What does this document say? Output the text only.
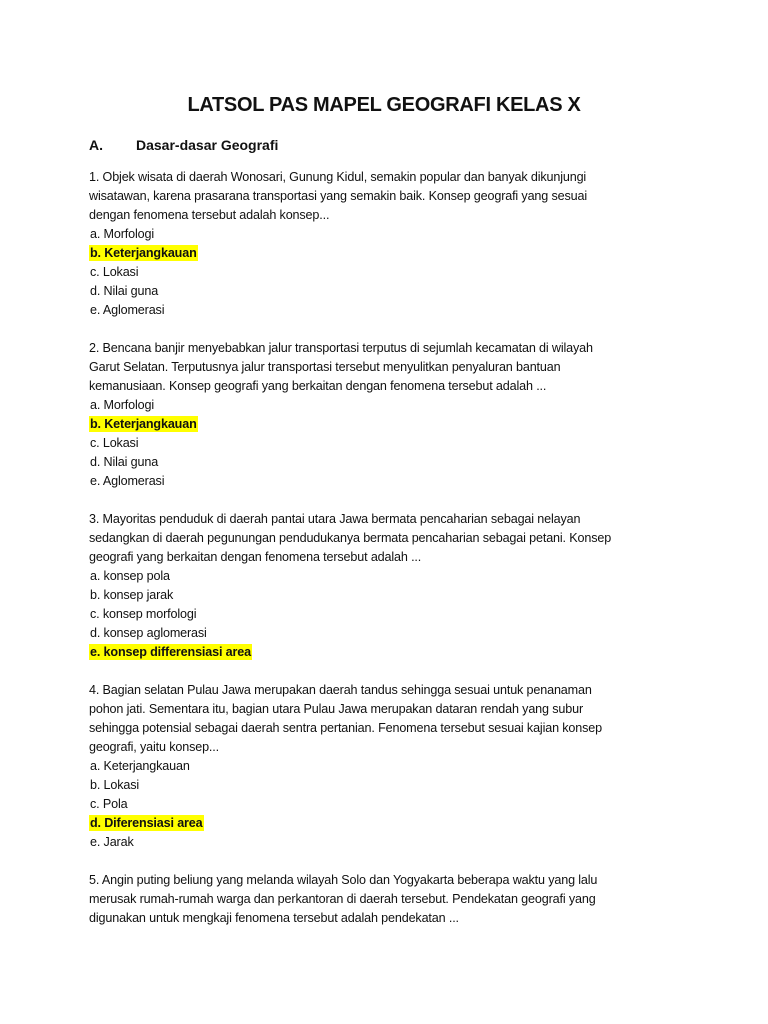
LATSOL PAS MAPEL GEOGRAFI KELAS X
A. Dasar-dasar Geografi
1. Objek wisata di daerah Wonosari, Gunung Kidul, semakin popular dan banyak dikunjungi
wisatawan, karena prasarana transportasi yang semakin baik. Konsep geografi yang sesuai
dengan fenomena tersebut adalah konsep...
a. Morfologi
b. Keterjangkauan
c. Lokasi
d. Nilai guna
e. Aglomerasi
2. Bencana banjir menyebabkan jalur transportasi terputus di sejumlah kecamatan di wilayah
Garut Selatan. Terputusnya jalur transportasi tersebut menyulitkan penyaluran bantuan
kemanusiaan. Konsep geografi yang berkaitan dengan fenomena tersebut adalah ...
a. Morfologi
b. Keterjangkauan
c. Lokasi
d. Nilai guna
e. Aglomerasi
3. Mayoritas penduduk di daerah pantai utara Jawa bermata pencaharian sebagai nelayan
sedangkan di daerah pegunungan pendudukanya bermata pencaharian sebagai petani. Konsep
geografi yang berkaitan dengan fenomena tersebut adalah ...
a. konsep pola
b. konsep jarak
c. konsep morfologi
d. konsep aglomerasi
e. konsep differensiasi area
4. Bagian selatan Pulau Jawa merupakan daerah tandus sehingga sesuai untuk penanaman
pohon jati. Sementara itu, bagian utara Pulau Jawa merupakan dataran rendah yang subur
sehingga potensial sebagai daerah sentra pertanian. Fenomena tersebut sesuai kajian konsep
geografi, yaitu konsep...
a. Keterjangkauan
b. Lokasi
c. Pola
d. Diferensiasi area
e. Jarak
5. Angin puting beliung yang melanda wilayah Solo dan Yogyakarta beberapa waktu yang lalu
merusak rumah-rumah warga dan perkantoran di daerah tersebut. Pendekatan geografi yang
digunakan untuk mengkaji fenomena tersebut adalah pendekatan ...
